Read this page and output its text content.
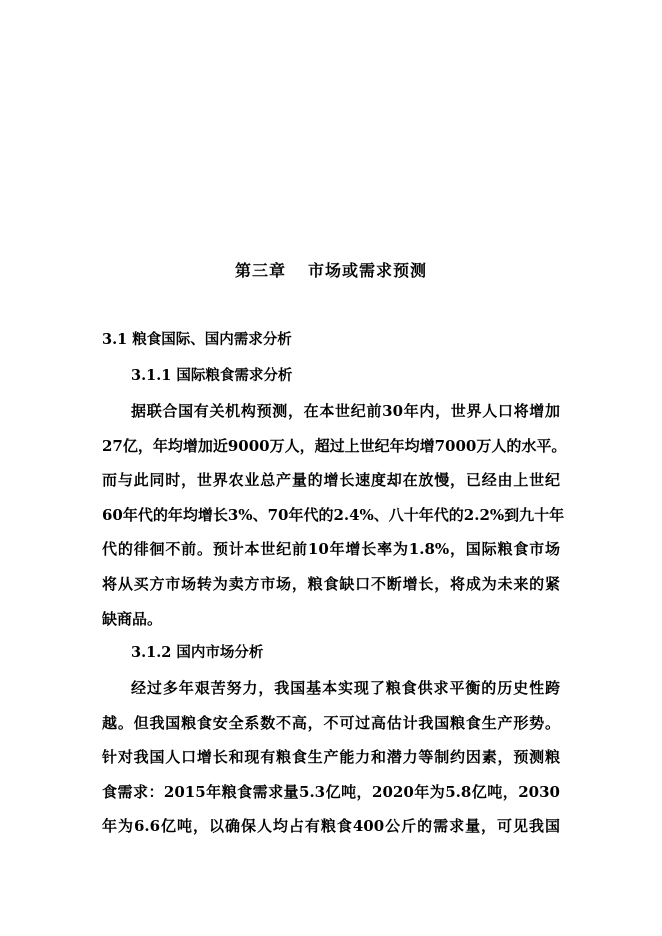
第三章 市场或需求预测
3.1 粮食国际、国内需求分析
3.1.1 国际粮食需求分析
据联合国有关机构预测，在本世纪前30年内，世界人口将增加
27亿，年均增加近9000万人，超过上世纪年均增7000万人的水平。
而与此同时，世界农业总产量的增长速度却在放慢，已经由上世纪
60年代的年均增长3%、70年代的2.4%、八十年代的2.2%到九十年
代的徘徊不前。预计本世纪前10年增长率为1.8%，国际粮食市场
将从买方市场转为卖方市场，粮食缺口不断增长，将成为未来的紧
缺商品。
3.1.2 国内市场分析
经过多年艰苦努力，我国基本实现了粮食供求平衡的历史性跨
越。但我国粮食安全系数不高，不可过高估计我国粮食生产形势。
针对我国人口增长和现有粮食生产能力和潜力等制约因素，预测粮
食需求：2015年粮食需求量5.3亿吨，2020年为5.8亿吨，2030
年为6.6亿吨，以确保人均占有粮食400公斤的需求量，可见我国
